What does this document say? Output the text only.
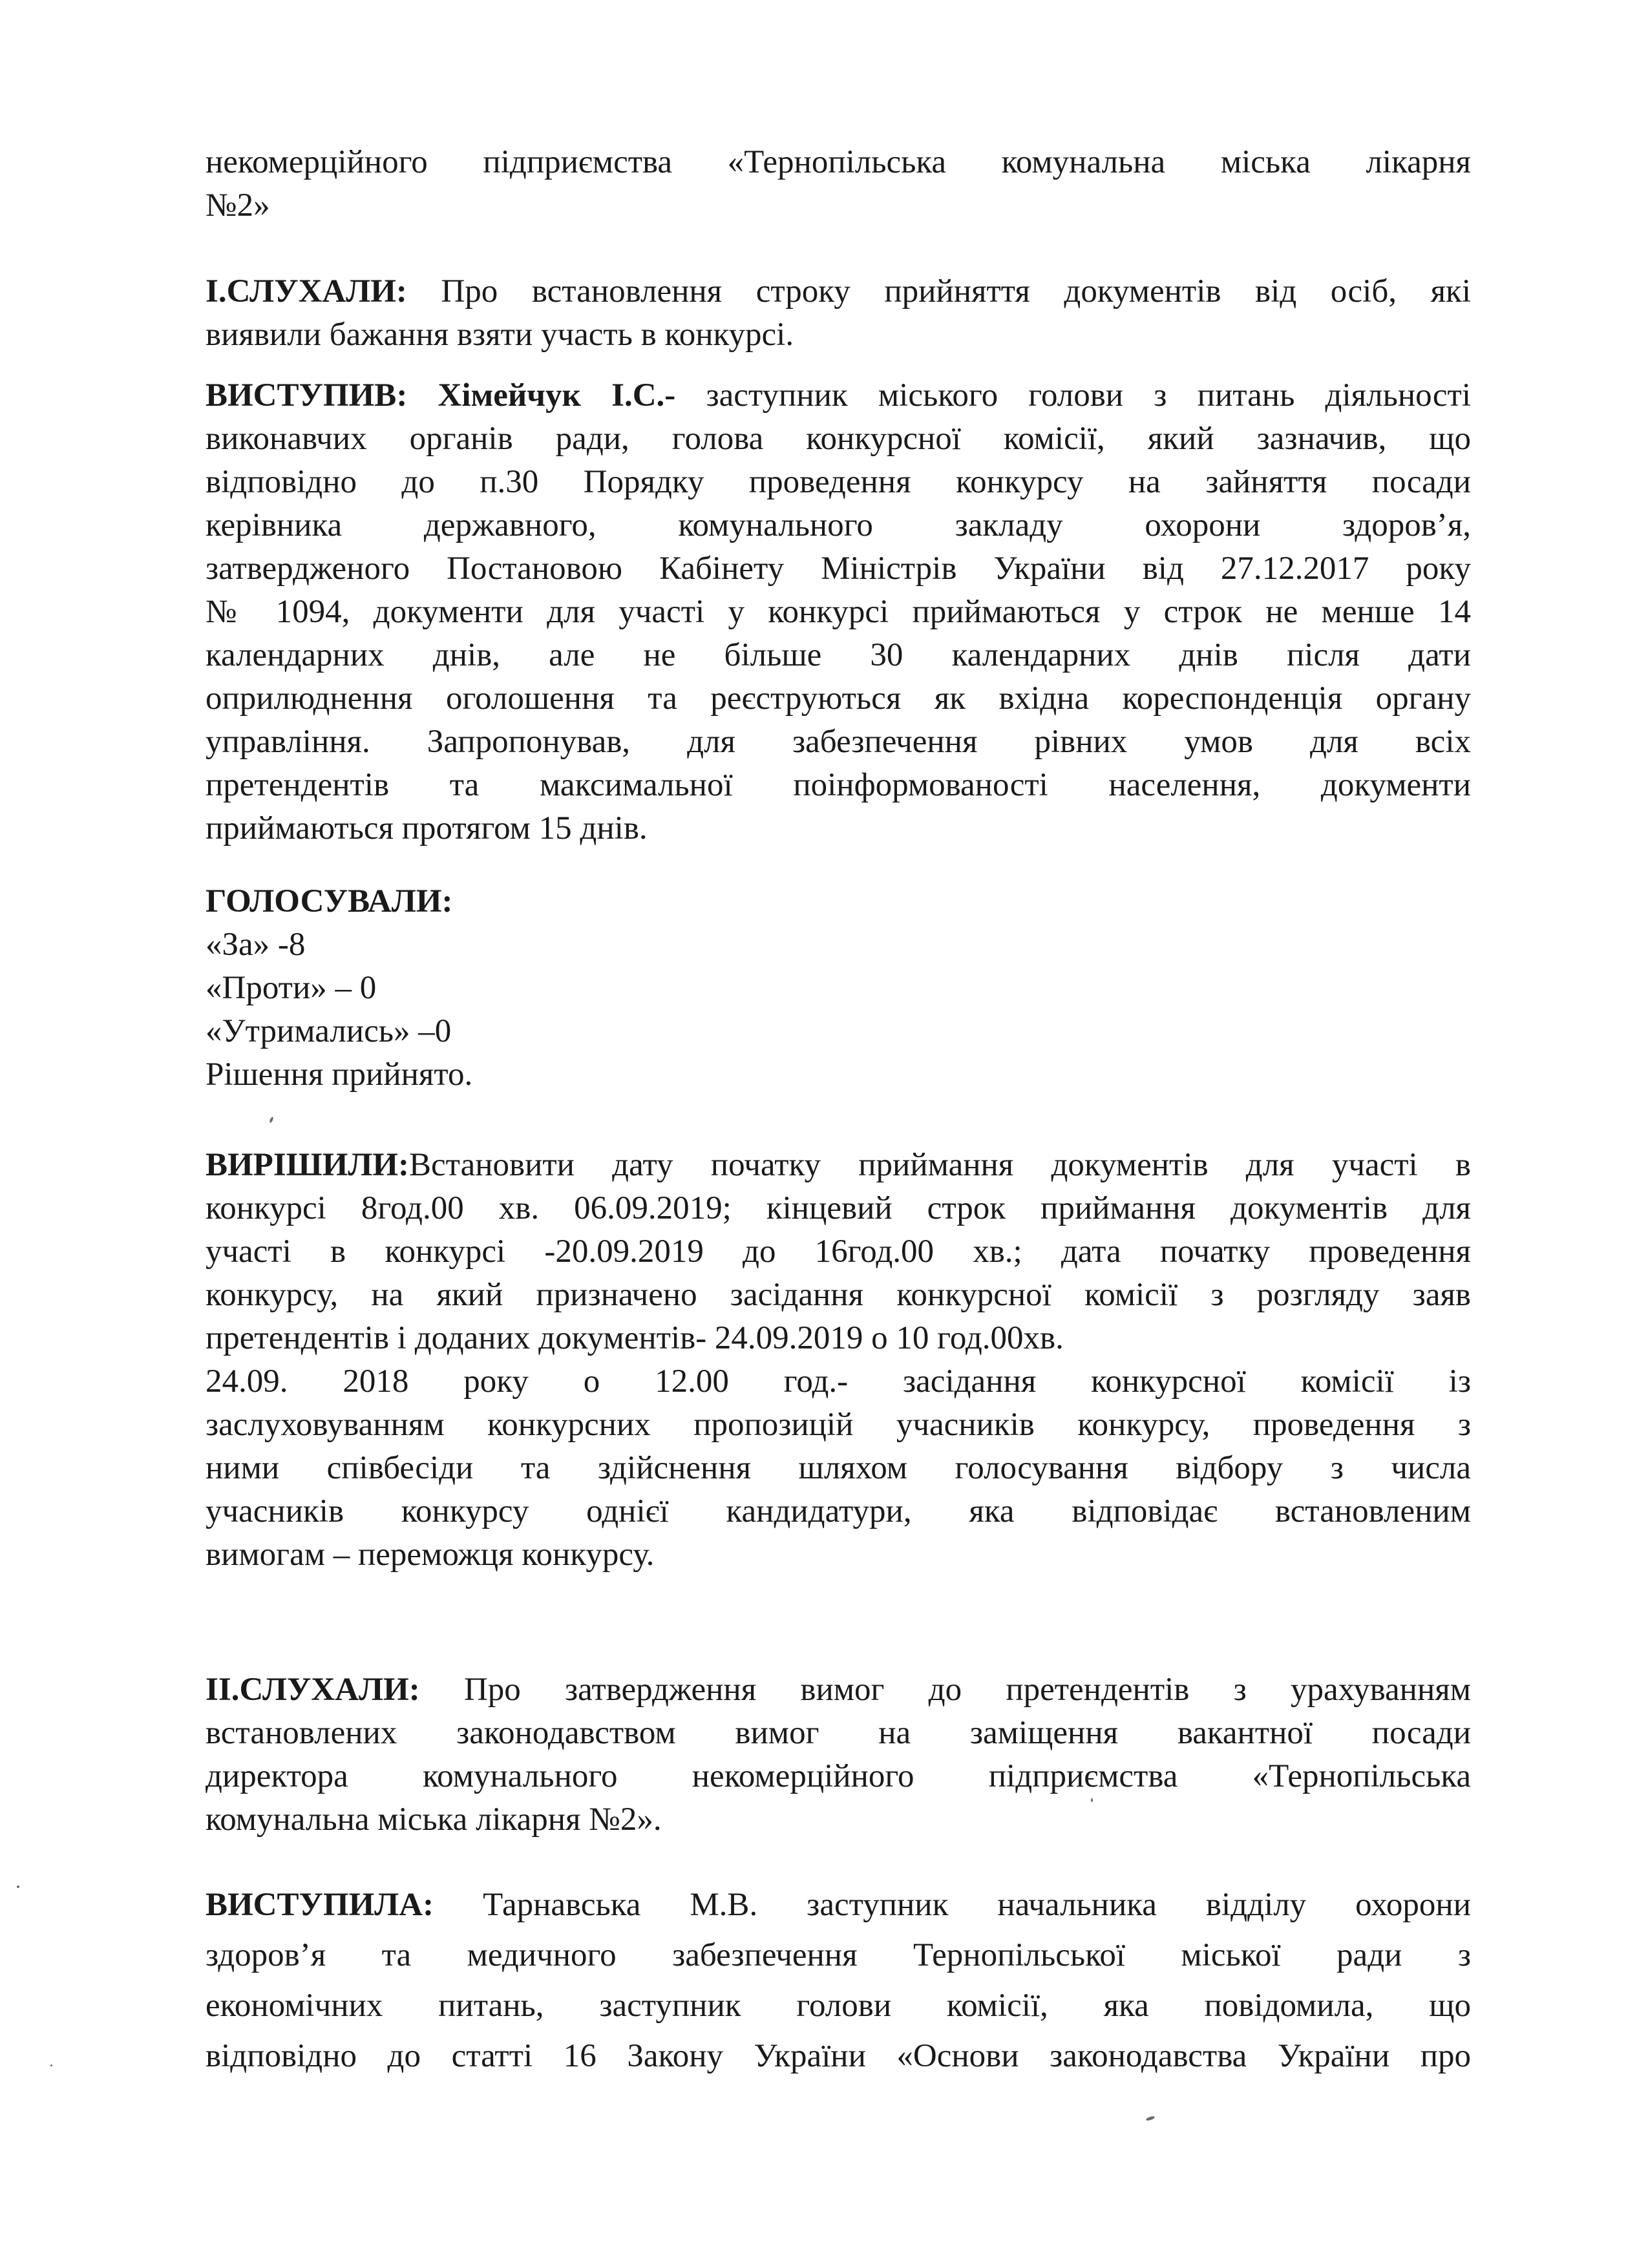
некомерційного підприємства «Тернопільська комунальна міська лікарня
№2»
І.СЛУХАЛИ: Про встановлення строку прийняття документів від осіб, які
виявили бажання взяти участь в конкурсі.
ВИСТУПИВ: Хімейчук І.С.- заступник міського голови з питань діяльності
виконавчих органів ради, голова конкурсної комісії, який зазначив, що
відповідно до п.30 Порядку проведення конкурсу на зайняття посади
керівника державного, комунального закладу охорони здоров’я,
затвердженого Постановою Кабінету Міністрів України від 27.12.2017 року
№ 1094, документи для участі у конкурсі приймаються у строк не менше 14
календарних днів, але не більше 30 календарних днів після дати
оприлюднення оголошення та реєструються як вхідна кореспонденція органу
управління. Запропонував, для забезпечення рівних умов для всіх
претендентів та максимальної поінформованості населення, документи
приймаються протягом 15 днів.
ГОЛОСУВАЛИ:
«За» -8
«Проти» – 0
«Утримались» –0
Рішення прийнято.
ВИРІШИЛИ:Встановити дату початку приймання документів для участі в
конкурсі 8год.00 хв. 06.09.2019; кінцевий строк приймання документів для
участі в конкурсі -20.09.2019 до 16год.00 хв.; дата початку проведення
конкурсу, на який призначено засідання конкурсної комісії з розгляду заяв
претендентів і доданих документів- 24.09.2019 о 10 год.00хв.
24.09. 2018 року о 12.00 год.- засідання конкурсної комісії із
заслуховуванням конкурсних пропозицій учасників конкурсу, проведення з
ними співбесіди та здійснення шляхом голосування відбору з числа
учасників конкурсу однієї кандидатури, яка відповідає встановленим
вимогам – переможця конкурсу.
ІІ.СЛУХАЛИ: Про затвердження вимог до претендентів з урахуванням
встановлених законодавством вимог на заміщення вакантної посади
директора комунального некомерційного підприємства «Тернопільська
комунальна міська лікарня №2».
ВИСТУПИЛА: Тарнавська М.В. заступник начальника відділу охорони
здоров’я та медичного забезпечення Тернопільської міської ради з
економічних питань, заступник голови комісії, яка повідомила, що
відповідно до статті 16 Закону України «Основи законодавства України про
